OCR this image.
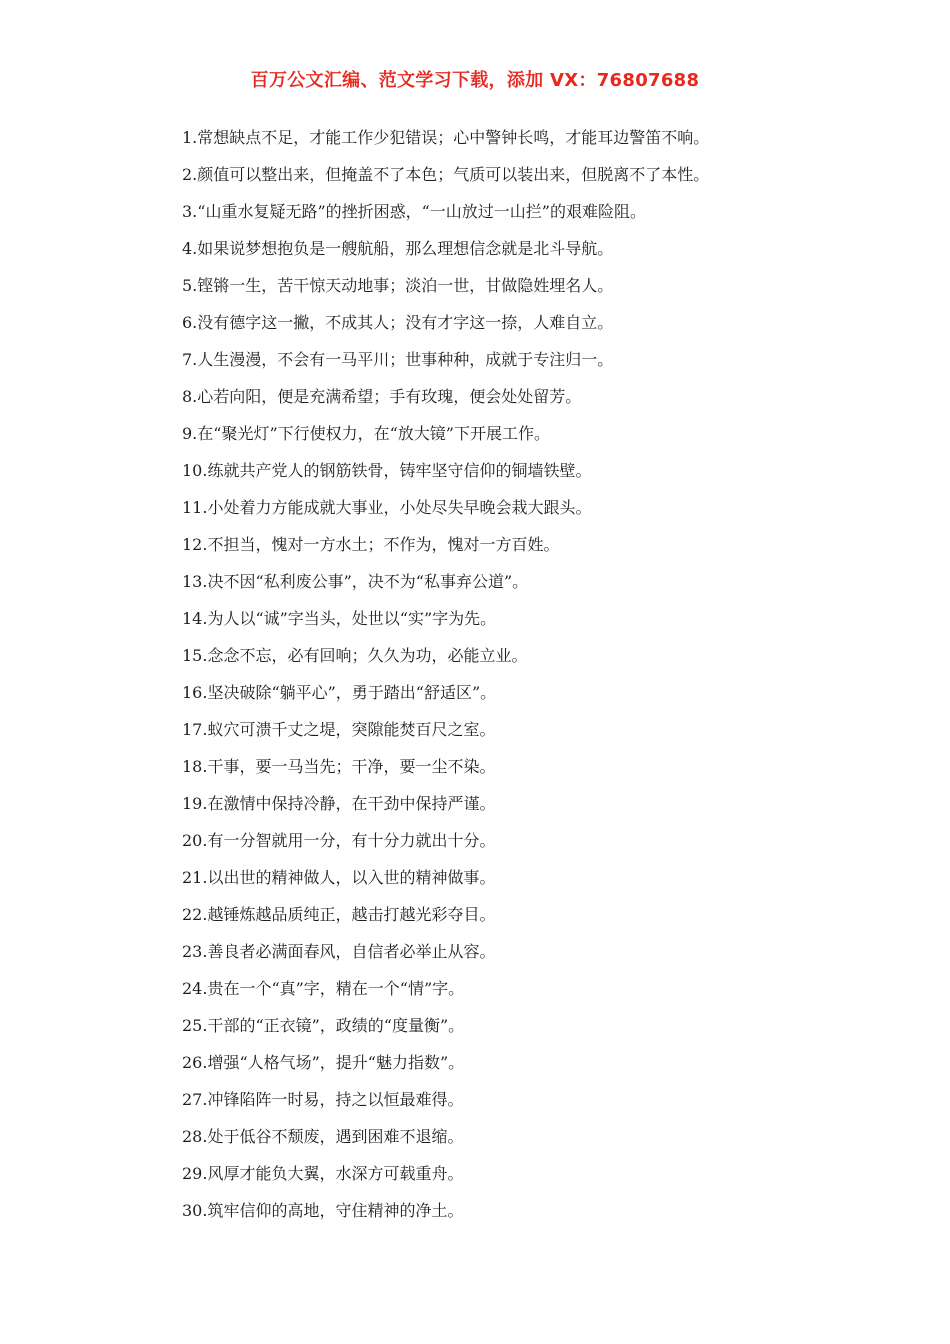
百万公文汇编、范文学习下载，添加 VX：76807688
1.常想缺点不足，才能工作少犯错误；心中警钟长鸣，才能耳边警笛不响。
2.颜值可以整出来，但掩盖不了本色；气质可以装出来，但脱离不了本性。
3.“山重水复疑无路”的挫折困惑，“一山放过一山拦”的艰难险阻。
4.如果说梦想抱负是一艘航船，那么理想信念就是北斗导航。
5.铿锵一生，苦干惊天动地事；淡泊一世，甘做隐姓埋名人。
6.没有德字这一撇，不成其人；没有才字这一捺，人难自立。
7.人生漫漫，不会有一马平川；世事种种，成就于专注归一。
8.心若向阳，便是充满希望；手有玫瑰，便会处处留芳。
9.在“聚光灯”下行使权力，在“放大镜”下开展工作。
10.练就共产党人的钢筋铁骨，铸牢坚守信仰的铜墙铁壁。
11.小处着力方能成就大事业，小处尽失早晚会栽大跟头。
12.不担当，愧对一方水土；不作为，愧对一方百姓。
13.决不因“私利废公事”，决不为“私事弃公道”。
14.为人以“诚”字当头，处世以“实”字为先。
15.念念不忘，必有回响；久久为功，必能立业。
16.坚决破除“躺平心”，勇于踏出“舒适区”。
17.蚁穴可溃千丈之堤，突隙能焚百尺之室。
18.干事，要一马当先；干净，要一尘不染。
19.在激情中保持冷静，在干劲中保持严谨。
20.有一分智就用一分，有十分力就出十分。
21.以出世的精神做人，以入世的精神做事。
22.越锤炼越品质纯正，越击打越光彩夺目。
23.善良者必满面春风，自信者必举止从容。
24.贵在一个“真”字，精在一个“情”字。
25.干部的“正衣镜”，政绩的“度量衡”。
26.增强“人格气场”，提升“魅力指数”。
27.冲锋陷阵一时易，持之以恒最难得。
28.处于低谷不颓废，遇到困难不退缩。
29.风厚才能负大翼，水深方可载重舟。
30.筑牢信仰的高地，守住精神的净土。
